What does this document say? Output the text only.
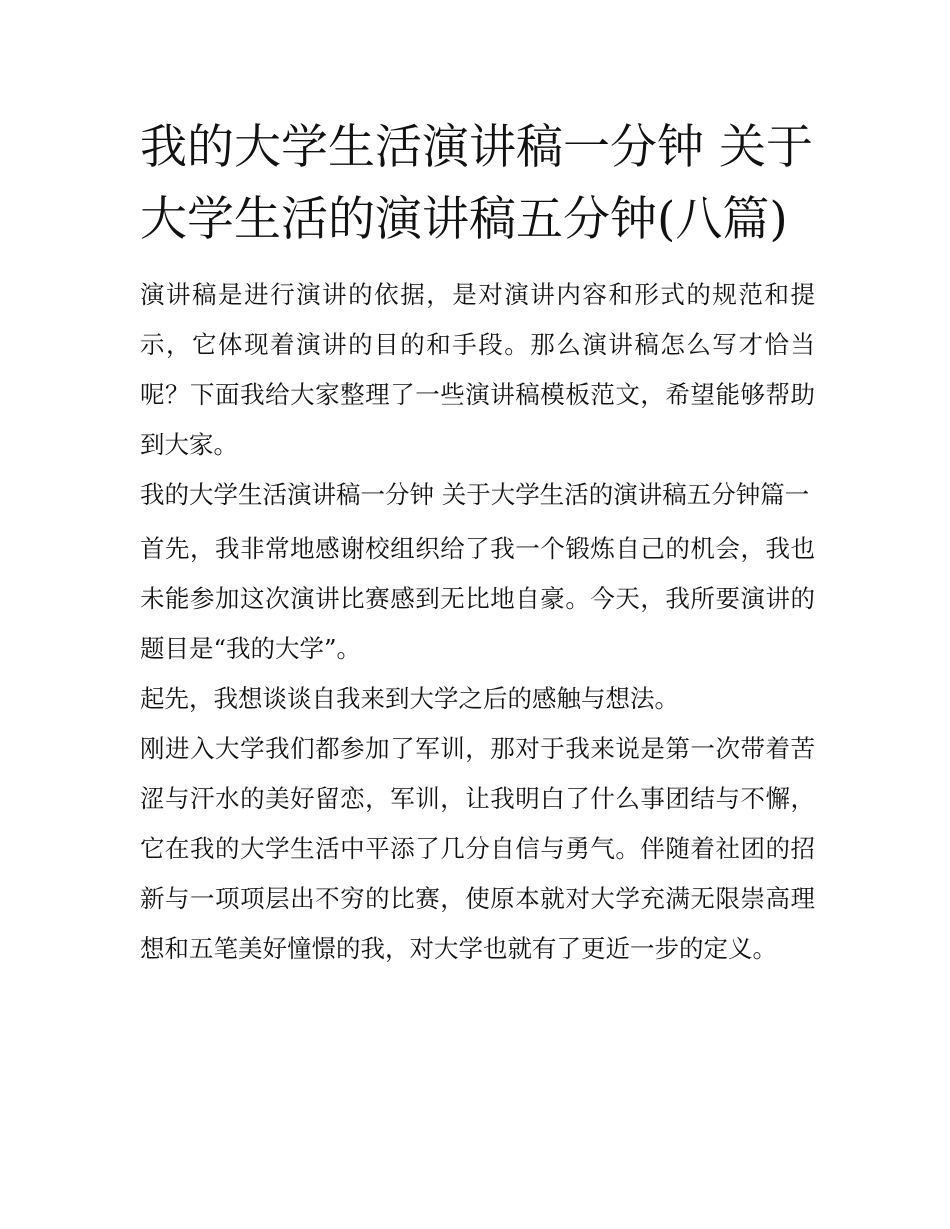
我的大学生活演讲稿一分钟 关于大学生活的演讲稿五分钟(八篇)

演讲稿是进行演讲的依据，是对演讲内容和形式的规范和提示，它体现着演讲的目的和手段。那么演讲稿怎么写才恰当呢？下面我给大家整理了一些演讲稿模板范文，希望能够帮助到大家。

我的大学生活演讲稿一分钟 关于大学生活的演讲稿五分钟篇一

首先，我非常地感谢校组织给了我一个锻炼自己的机会，我也未能参加这次演讲比赛感到无比地自豪。今天，我所要演讲的题目是“我的大学”。

起先，我想谈谈自我来到大学之后的感触与想法。

刚进入大学我们都参加了军训，那对于我来说是第一次带着苦涩与汗水的美好留恋，军训，让我明白了什么事团结与不懈，它在我的大学生活中平添了几分自信与勇气。伴随着社团的招新与一项项层出不穷的比赛，使原本就对大学充满无限崇高理想和五笔美好憧憬的我，对大学也就有了更近一步的定义。
